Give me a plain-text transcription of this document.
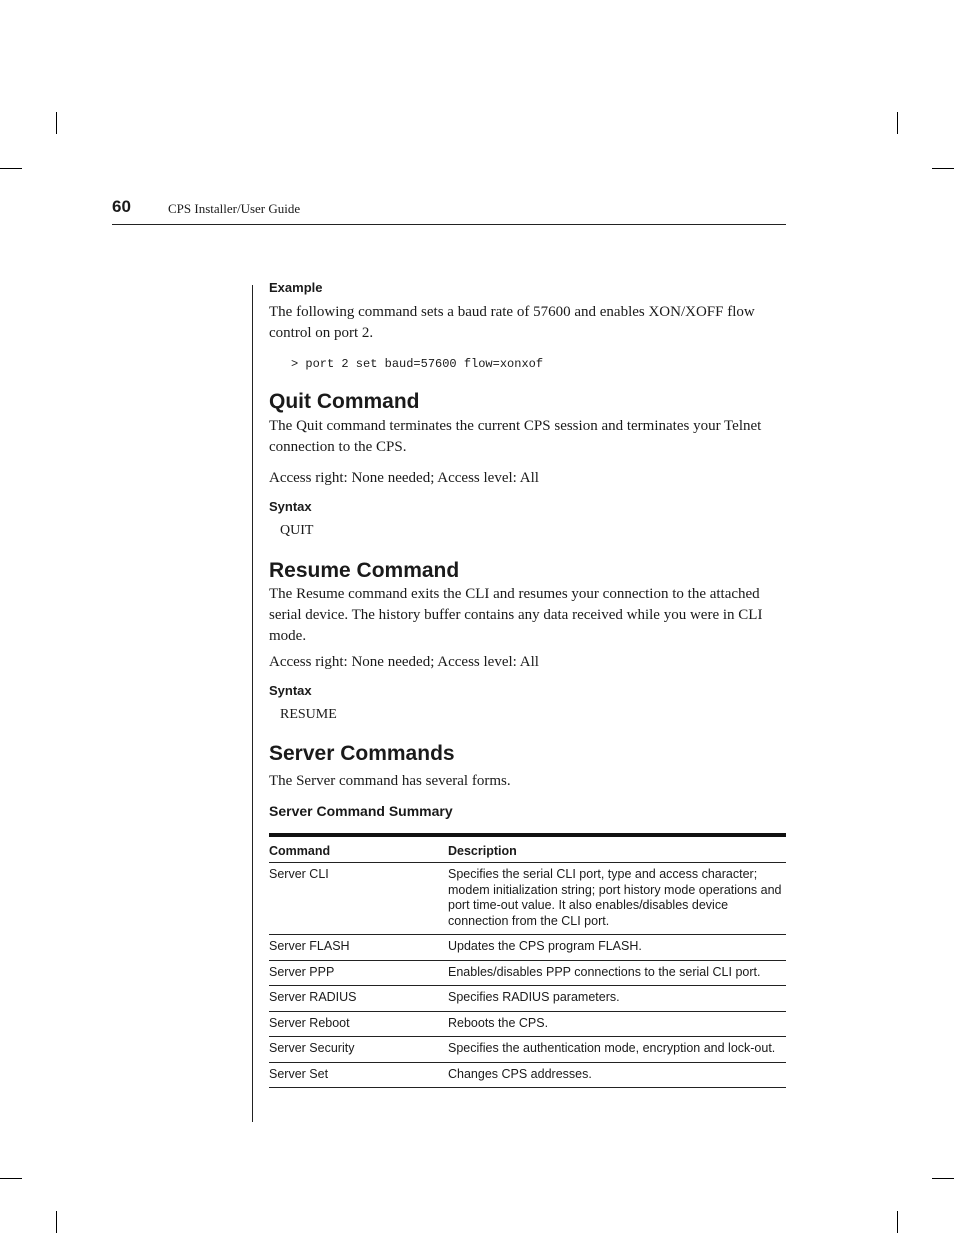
60	CPS Installer/User Guide

Example

The following command sets a baud rate of 57600 and enables XON/XOFF flow control on port 2.

> port 2 set baud=57600 flow=xonxof

Quit Command

The Quit command terminates the current CPS session and terminates your Telnet connection to the CPS.

Access right: None needed; Access level: All

Syntax

QUIT

Resume Command

The Resume command exits the CLI and resumes your connection to the attached serial device. The history buffer contains any data received while you were in CLI mode.

Access right: None needed; Access level: All

Syntax

RESUME

Server Commands

The Server command has several forms.

Server Command Summary
Command	Description
Server CLI	Specifies the serial CLI port, type and access character; modem initialization string; port history mode operations and port time-out value. It also enables/disables device connection from the CLI port.
Server FLASH	Updates the CPS program FLASH.
Server PPP	Enables/disables PPP connections to the serial CLI port.
Server RADIUS	Specifies RADIUS parameters.
Server Reboot	Reboots the CPS.
Server Security	Specifies the authentication mode, encryption and lock-out.
Server Set	Changes CPS addresses.
